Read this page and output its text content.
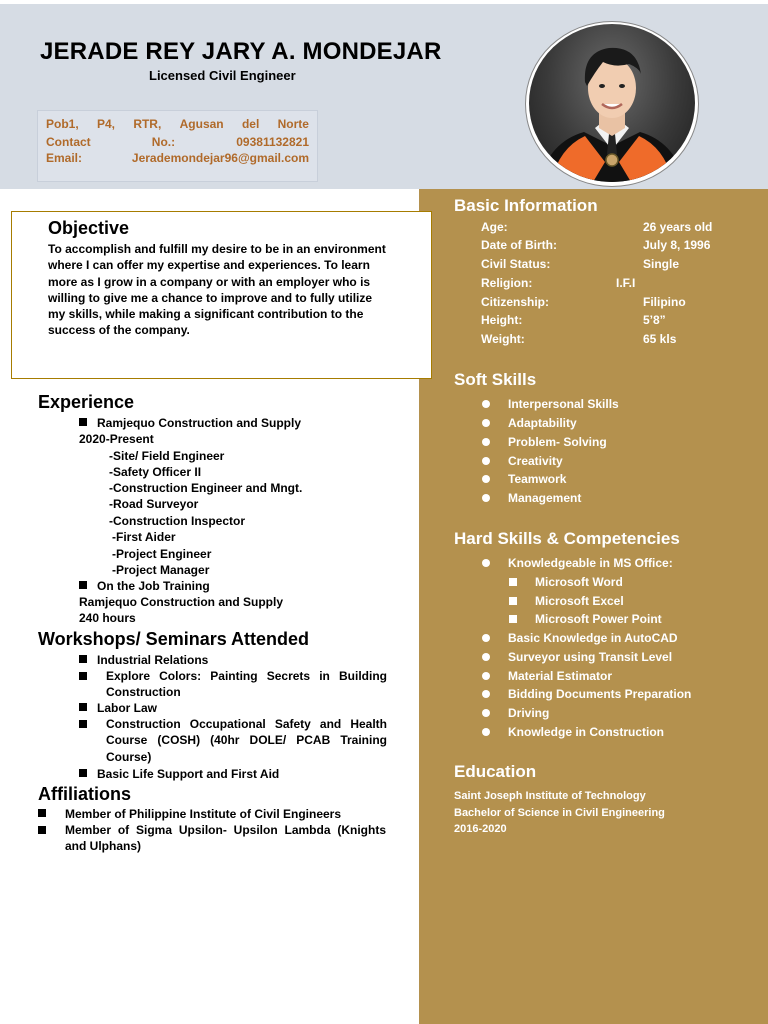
JERADE REY JARY A. MONDEJAR
Licensed Civil Engineer
Pob1, P4, RTR, Agusan del Norte
Contact	No.:	09381132821
Email:	Jerademondejar96@gmail.com
Objective
To accomplish and fulfill my desire to be in an environment where I can offer my expertise and experiences. To learn more as I grow in a company or with an employer who is willing to give me a chance to improve and to fully utilize my skills, while making a significant contribution to the success of the company.
Experience
Ramjequo Construction and Supply
2020-Present
-Site/ Field Engineer
-Safety Officer II
-Construction Engineer and Mngt.
-Road Surveyor
-Construction Inspector
-First Aider
-Project Engineer
-Project Manager
On the Job Training
Ramjequo Construction and Supply
240 hours
Workshops/ Seminars Attended
Industrial Relations
Explore Colors: Painting Secrets in Building Construction
Labor Law
Construction Occupational Safety and Health Course (COSH) (40hr DOLE/ PCAB Training Course)
Basic Life Support and First Aid
Affiliations
Member of Philippine Institute of Civil Engineers
Member of Sigma Upsilon- Upsilon Lambda (Knights and Ulphans)
Basic Information
Age:	26 years old
Date of Birth:	July 8, 1996
Civil Status:	Single
Religion:	I.F.I
Citizenship:	Filipino
Height:	5’8”
Weight:	65 kls
Soft Skills
Interpersonal Skills
Adaptability
Problem- Solving
Creativity
Teamwork
Management
Hard Skills & Competencies
Knowledgeable in MS Office:
Microsoft Word
Microsoft Excel
Microsoft Power Point
Basic Knowledge in AutoCAD
Surveyor using Transit Level
Material Estimator
Bidding Documents Preparation
Driving
Knowledge in Construction
Education
Saint Joseph Institute of Technology
Bachelor of Science in Civil Engineering
2016-2020
